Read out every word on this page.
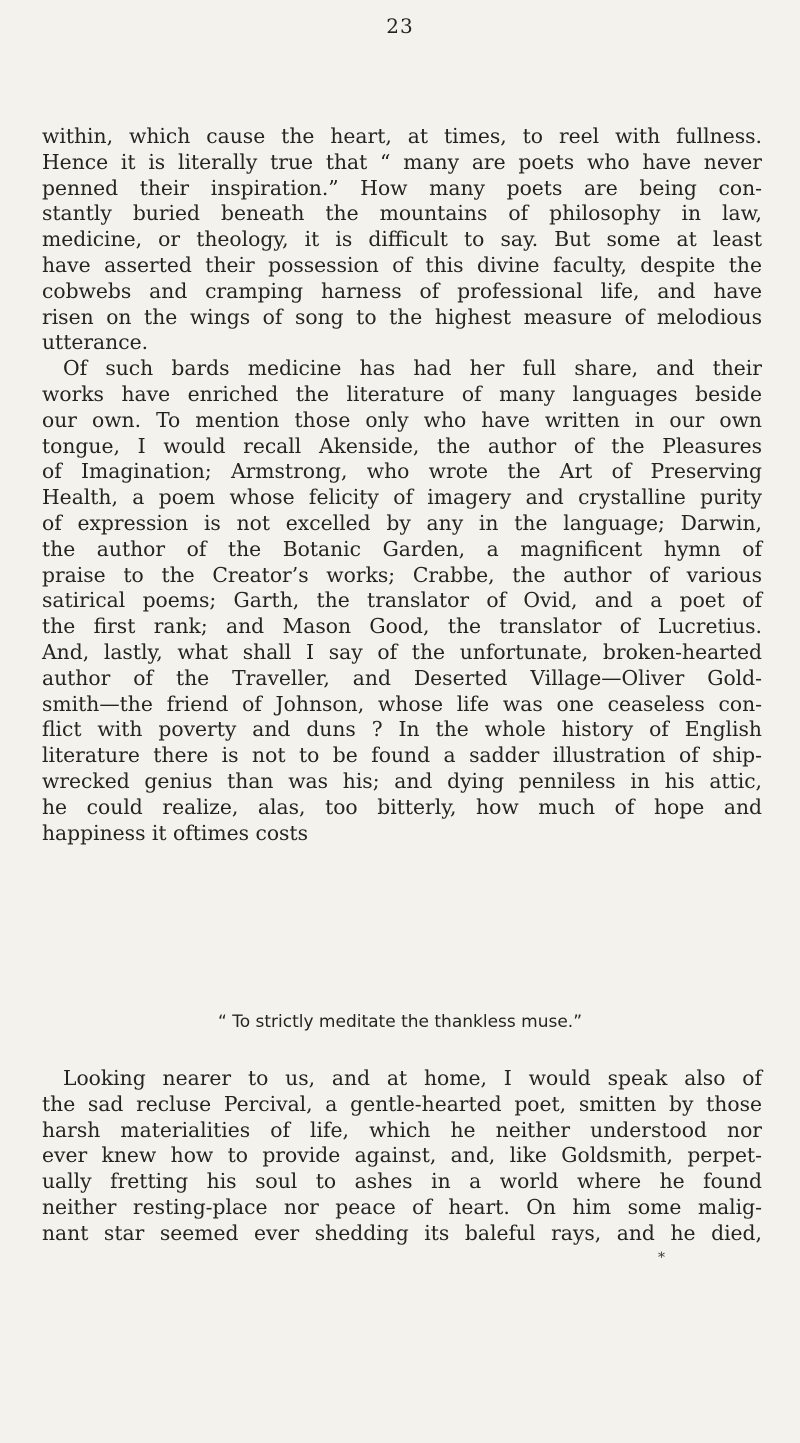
23
within, which cause the heart, at times, to reel with fullness.
Hence it is literally true that “ many are poets who have never
penned their inspiration.” How many poets are being con-
stantly buried beneath the mountains of philosophy in law,
medicine, or theology, it is difficult to say. But some at least
have asserted their possession of this divine faculty, despite the
cobwebs and cramping harness of professional life, and have
risen on the wings of song to the highest measure of melodious
utterance.
Of such bards medicine has had her full share, and their
works have enriched the literature of many languages beside
our own. To mention those only who have written in our own
tongue, I would recall Akenside, the author of the Pleasures
of Imagination; Armstrong, who wrote the Art of Preserving
Health, a poem whose felicity of imagery and crystalline purity
of expression is not excelled by any in the language; Darwin,
the author of the Botanic Garden, a magnificent hymn of
praise to the Creator’s works; Crabbe, the author of various
satirical poems; Garth, the translator of Ovid, and a poet of
the first rank; and Mason Good, the translator of Lucretius.
And, lastly, what shall I say of the unfortunate, broken-hearted
author of the Traveller, and Deserted Village—Oliver Gold-
smith—the friend of Johnson, whose life was one ceaseless con-
flict with poverty and duns ? In the whole history of English
literature there is not to be found a sadder illustration of ship-
wrecked genius than was his; and dying penniless in his attic,
he could realize, alas, too bitterly, how much of hope and
happiness it oftimes costs
“ To strictly meditate the thankless muse.”
Looking nearer to us, and at home, I would speak also of
the sad recluse Percival, a gentle-hearted poet, smitten by those
harsh materialities of life, which he neither understood nor
ever knew how to provide against, and, like Goldsmith, perpet-
ually fretting his soul to ashes in a world where he found
neither resting-place nor peace of heart. On him some malig-
nant star seemed ever shedding its baleful rays, and he died,
*
